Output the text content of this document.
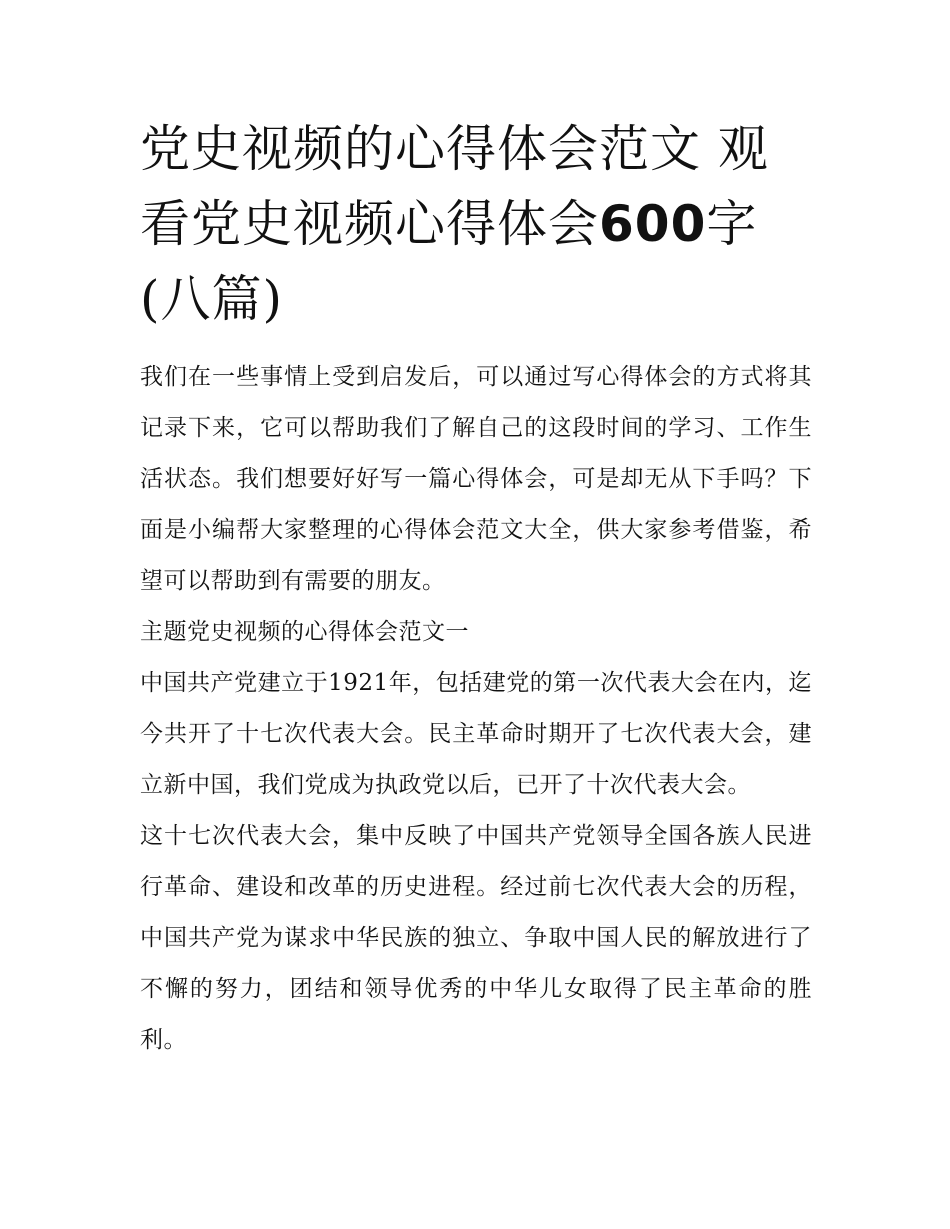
党史视频的心得体会范文 观看党史视频心得体会600字(八篇)

我们在一些事情上受到启发后，可以通过写心得体会的方式将其记录下来，它可以帮助我们了解自己的这段时间的学习、工作生活状态。我们想要好好写一篇心得体会，可是却无从下手吗？下面是小编帮大家整理的心得体会范文大全，供大家参考借鉴，希望可以帮助到有需要的朋友。

主题党史视频的心得体会范文一

中国共产党建立于1921年，包括建党的第一次代表大会在内，迄今共开了十七次代表大会。民主革命时期开了七次代表大会，建立新中国，我们党成为执政党以后，已开了十次代表大会。

这十七次代表大会，集中反映了中国共产党领导全国各族人民进行革命、建设和改革的历史进程。经过前七次代表大会的历程，中国共产党为谋求中华民族的独立、争取中国人民的解放进行了不懈的努力，团结和领导优秀的中华儿女取得了民主革命的胜利。
